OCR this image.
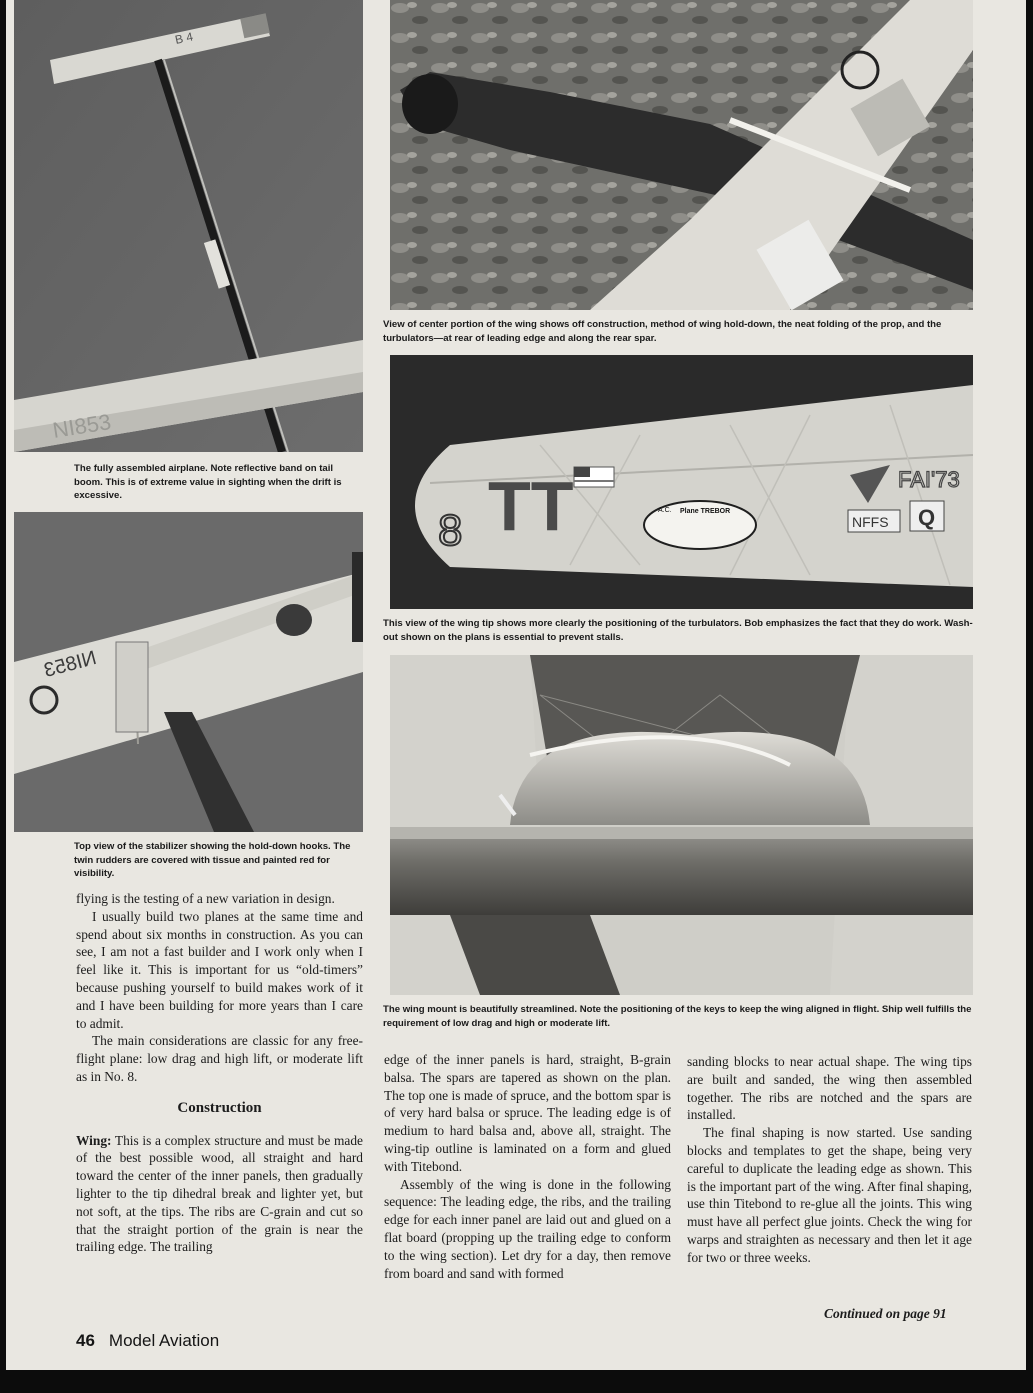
NI853
B 4

The fully assembled airplane. Note reflective band on tail boom. This is of extreme value in sighting when the drift is excessive.

NI853

Top view of the stabilizer showing the hold-down hooks. The twin rudders are covered with tissue and painted red for visibility.

View of center portion of the wing shows off construction, method of wing hold-down, the neat folding of the prop, and the turbulators—at rear of leading edge and along the rear spar.

TT
8	A.C. Plane TREBOR
FAI'73
NFFS Q

This view of the wing tip shows more clearly the positioning of the turbulators. Bob emphasizes the fact that they do work. Wash-out shown on the plans is essential to prevent stalls.

The wing mount is beautifully streamlined. Note the positioning of the keys to keep the wing aligned in flight. Ship well fulfills the requirement of low drag and high or moderate lift.

flying is the testing of a new variation in design.

I usually build two planes at the same time and spend about six months in construction. As you can see, I am not a fast builder and I work only when I feel like it. This is important for us “old-timers” because pushing yourself to build makes work of it and I have been building for more years than I care to admit.

The main considerations are classic for any free-flight plane: low drag and high lift, or moderate lift as in No. 8.

Construction

Wing: This is a complex structure and must be made of the best possible wood, all straight and hard toward the center of the inner panels, then gradually lighter to the tip dihedral break and lighter yet, but not soft, at the tips. The ribs are C-grain and cut so that the straight portion of the grain is near the trailing edge. The trailing

edge of the inner panels is hard, straight, B-grain balsa. The spars are tapered as shown on the plan. The top one is made of spruce, and the bottom spar is of very hard balsa or spruce. The leading edge is of medium to hard balsa and, above all, straight. The wing-tip outline is laminated on a form and glued with Titebond.

Assembly of the wing is done in the following sequence: The leading edge, the ribs, and the trailing edge for each inner panel are laid out and glued on a flat board (propping up the trailing edge to conform to the wing section). Let dry for a day, then remove from board and sand with formed

sanding blocks to near actual shape. The wing tips are built and sanded, the wing then assembled together. The ribs are notched and the spars are installed.

The final shaping is now started. Use sanding blocks and templates to get the shape, being very careful to duplicate the leading edge as shown. This is the important part of the wing. After final shaping, use thin Titebond to re-glue all the joints. This wing must have all perfect glue joints. Check the wing for warps and straighten as necessary and then let it age for two or three weeks.

Continued on page 91
46 Model Aviation
